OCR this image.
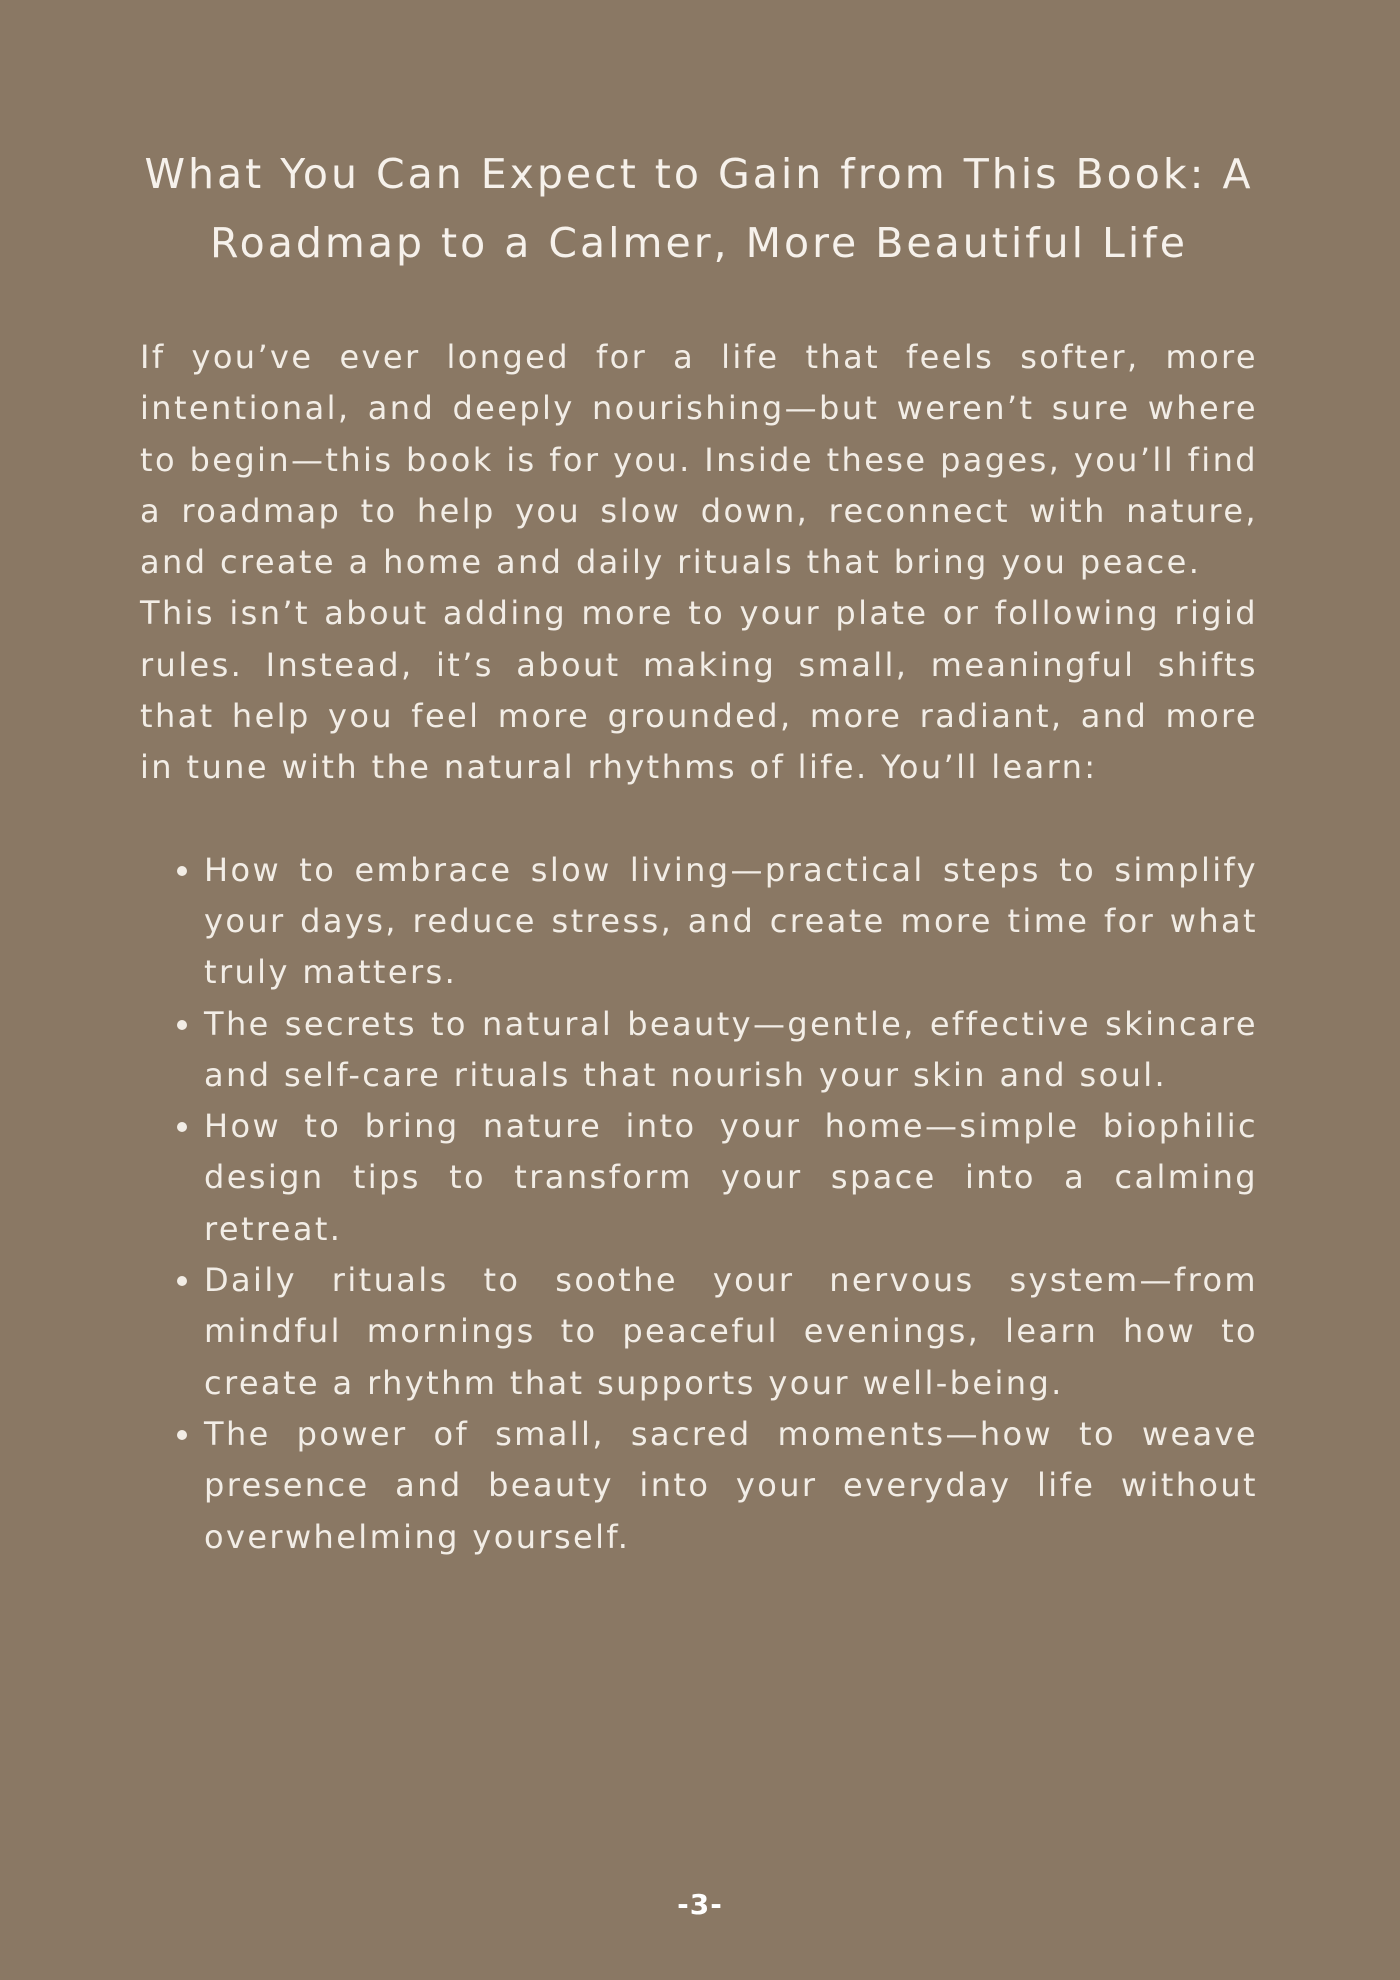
What You Can Expect to Gain from This Book: A Roadmap to a Calmer, More Beautiful Life

If you’ve ever longed for a life that feels softer, more intentional, and deeply nourishing—but weren’t sure where to begin—this book is for you. Inside these pages, you’ll find a roadmap to help you slow down, reconnect with nature, and create a home and daily rituals that bring you peace.

This isn’t about adding more to your plate or following rigid rules. Instead, it’s about making small, meaningful shifts that help you feel more grounded, more radiant, and more in tune with the natural rhythms of life. You’ll learn:

• How to embrace slow living—practical steps to simplify your days, reduce stress, and create more time for what truly matters.
• The secrets to natural beauty—gentle, effective skincare and self-care rituals that nourish your skin and soul.
• How to bring nature into your home—simple biophilic design tips to transform your space into a calming retreat.
• Daily rituals to soothe your nervous system—from mindful mornings to peaceful evenings, learn how to create a rhythm that supports your well-being.
• The power of small, sacred moments—how to weave presence and beauty into your everyday life without overwhelming yourself.
-3-
